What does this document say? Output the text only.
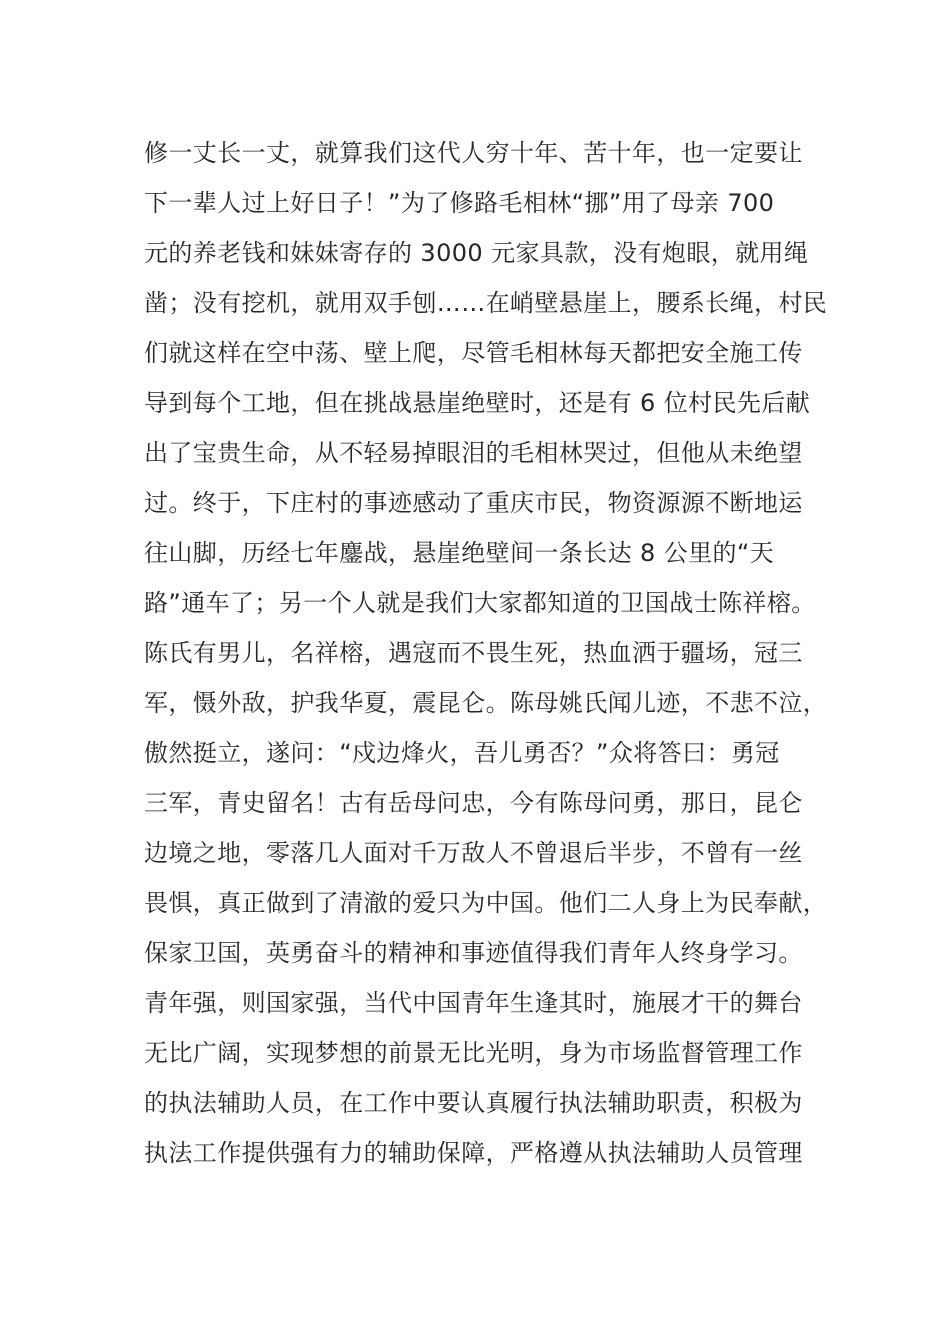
修一丈长一丈，就算我们这代人穷十年、苦十年，也一定要让
下一辈人过上好日子！”为了修路毛相林“挪”用了母亲 700
元的养老钱和妹妹寄存的 3000 元家具款，没有炮眼，就用绳
凿；没有挖机，就用双手刨……在峭壁悬崖上，腰系长绳，村民
们就这样在空中荡、壁上爬，尽管毛相林每天都把安全施工传
导到每个工地，但在挑战悬崖绝壁时，还是有 6 位村民先后献
出了宝贵生命，从不轻易掉眼泪的毛相林哭过，但他从未绝望
过。终于，下庄村的事迹感动了重庆市民，物资源源不断地运
往山脚，历经七年鏖战，悬崖绝壁间一条长达 8 公里的“天
路”通车了；另一个人就是我们大家都知道的卫国战士陈祥榕。
陈氏有男儿，名祥榕，遇寇而不畏生死，热血洒于疆场，冠三
军，慑外敌，护我华夏，震昆仑。陈母姚氏闻儿迹，不悲不泣，
傲然挺立，遂问：“戍边烽火，吾儿勇否？”众将答曰：勇冠
三军，青史留名！古有岳母问忠，今有陈母问勇，那日，昆仑
边境之地，零落几人面对千万敌人不曾退后半步，不曾有一丝
畏惧，真正做到了清澈的爱只为中国。他们二人身上为民奉献，
保家卫国，英勇奋斗的精神和事迹值得我们青年人终身学习。
青年强，则国家强，当代中国青年生逢其时，施展才干的舞台
无比广阔，实现梦想的前景无比光明，身为市场监督管理工作
的执法辅助人员，在工作中要认真履行执法辅助职责，积极为
执法工作提供强有力的辅助保障，严格遵从执法辅助人员管理
